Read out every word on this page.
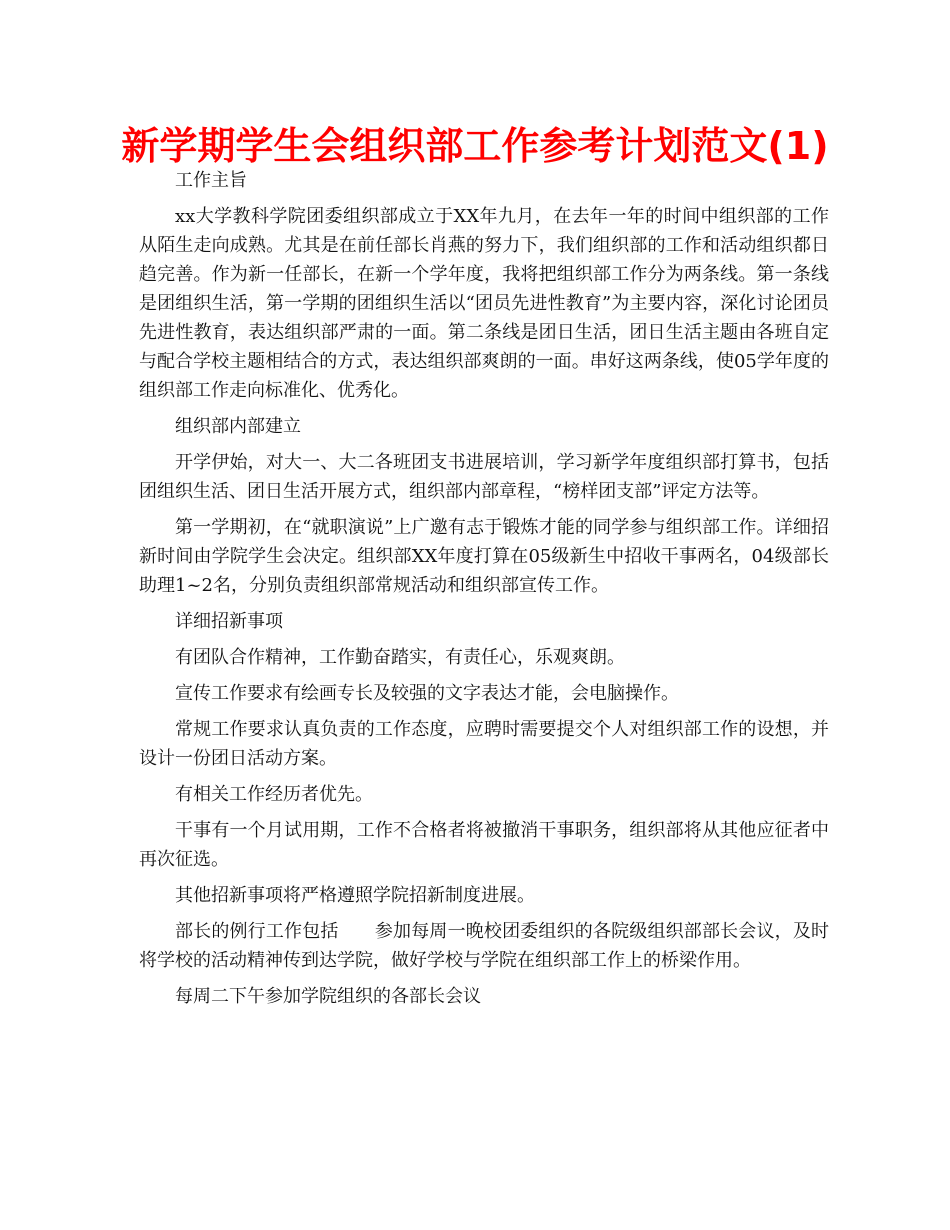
新学期学生会组织部工作参考计划范文(1)

工作主旨

xx大学教科学院团委组织部成立于XX年九月，在去年一年的时间中组织部的工作从陌生走向成熟。尤其是在前任部长肖燕的努力下，我们组织部的工作和活动组织都日趋完善。作为新一任部长，在新一个学年度，我将把组织部工作分为两条线。第一条线是团组织生活，第一学期的团组织生活以“团员先进性教育”为主要内容，深化讨论团员先进性教育，表达组织部严肃的一面。第二条线是团日生活，团日生活主题由各班自定与配合学校主题相结合的方式，表达组织部爽朗的一面。串好这两条线，使05学年度的组织部工作走向标准化、优秀化。

组织部内部建立

开学伊始，对大一、大二各班团支书进展培训，学习新学年度组织部打算书，包括团组织生活、团日生活开展方式，组织部内部章程，“榜样团支部”评定方法等。

第一学期初，在“就职演说”上广邀有志于锻炼才能的同学参与组织部工作。详细招新时间由学院学生会决定。组织部XX年度打算在05级新生中招收干事两名，04级部长助理1~2名，分别负责组织部常规活动和组织部宣传工作。

详细招新事项

有团队合作精神，工作勤奋踏实，有责任心，乐观爽朗。

宣传工作要求有绘画专长及较强的文字表达才能，会电脑操作。

常规工作要求认真负责的工作态度，应聘时需要提交个人对组织部工作的设想，并设计一份团日活动方案。

有相关工作经历者优先。

干事有一个月试用期，工作不合格者将被撤消干事职务，组织部将从其他应征者中再次征选。

其他招新事项将严格遵照学院招新制度进展。

部长的例行工作包括　　参加每周一晚校团委组织的各院级组织部部长会议，及时将学校的活动精神传到达学院，做好学校与学院在组织部工作上的桥梁作用。

每周二下午参加学院组织的各部长会议
